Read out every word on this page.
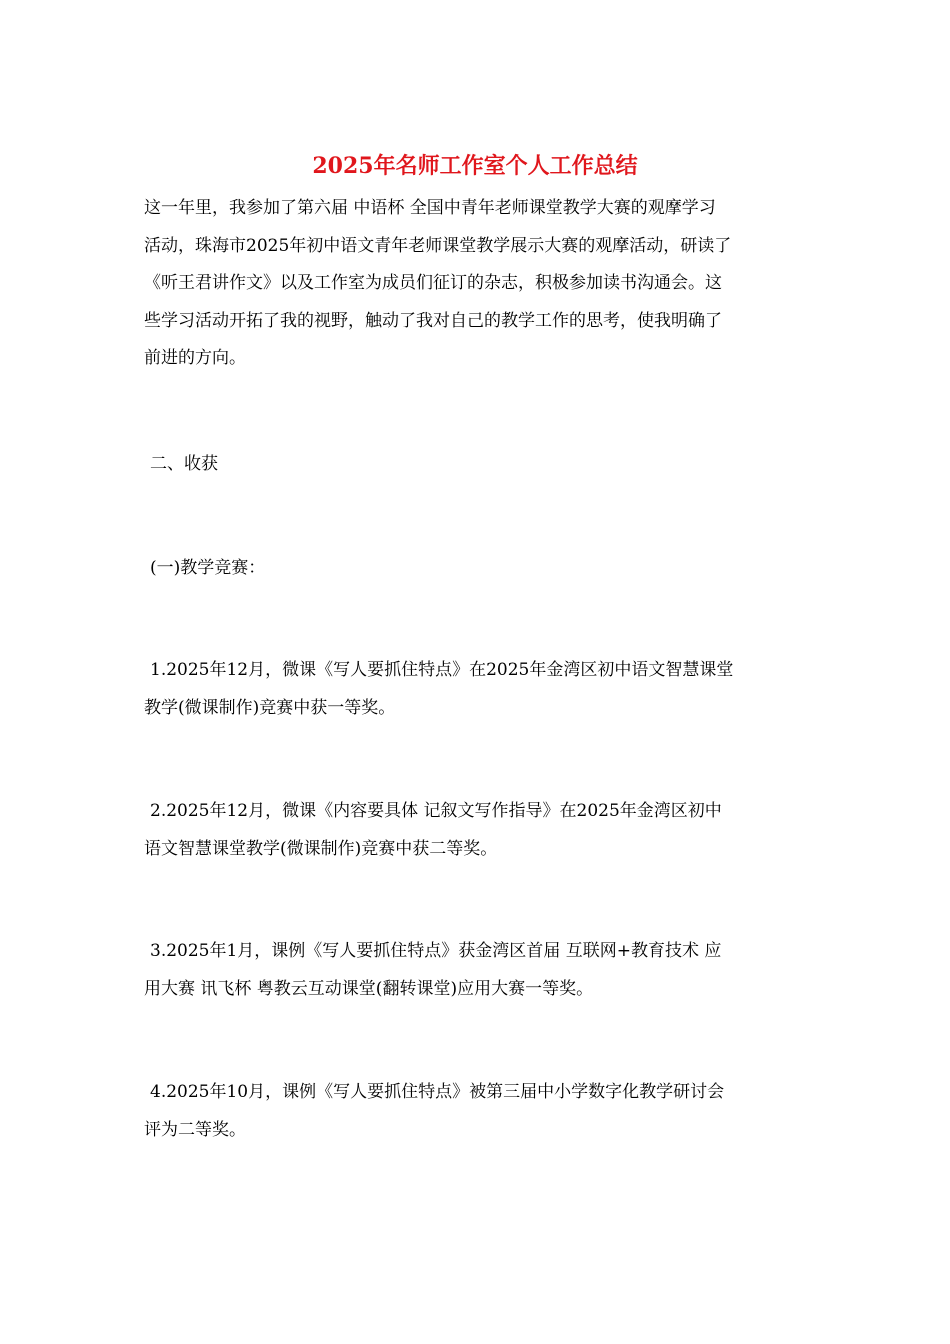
2025年名师工作室个人工作总结
这一年里，我参加了第六届 中语杯 全国中青年老师课堂教学大赛的观摩学习
活动，珠海市2025年初中语文青年老师课堂教学展示大赛的观摩活动，研读了
《听王君讲作文》以及工作室为成员们征订的杂志，积极参加读书沟通会。这
些学习活动开拓了我的视野，触动了我对自己的教学工作的思考，使我明确了
前进的方向。
二、收获
(一)教学竞赛：
1.2025年12月，微课《写人要抓住特点》在2025年金湾区初中语文智慧课堂
教学(微课制作)竞赛中获一等奖。
2.2025年12月，微课《内容要具体 记叙文写作指导》在2025年金湾区初中
语文智慧课堂教学(微课制作)竞赛中获二等奖。
3.2025年1月，课例《写人要抓住特点》获金湾区首届 互联网+教育技术 应
用大赛 讯飞杯 粤教云互动课堂(翻转课堂)应用大赛一等奖。
4.2025年10月，课例《写人要抓住特点》被第三届中小学数字化教学研讨会
评为二等奖。
